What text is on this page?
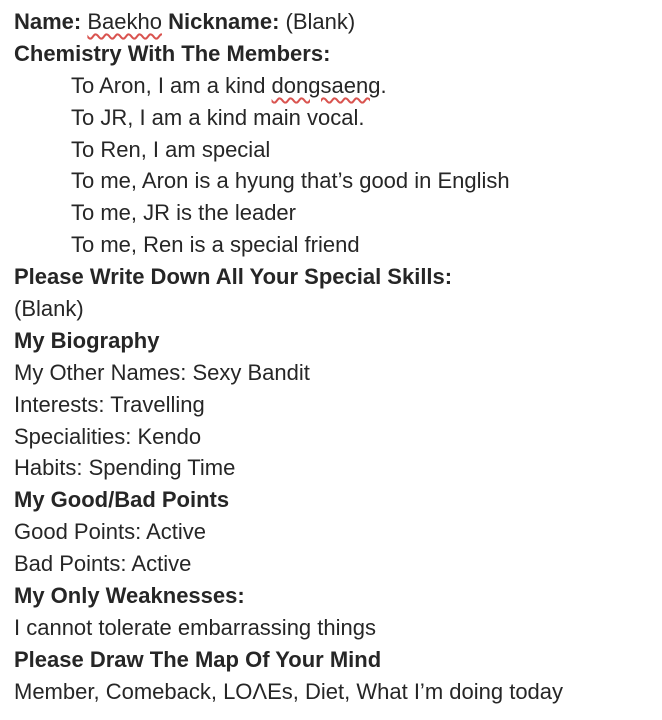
Name: Baekho Nickname: (Blank)
Chemistry With The Members:
To Aron, I am a kind dongsaeng.
To JR, I am a kind main vocal.
To Ren, I am special
To me, Aron is a hyung that’s good in English
To me, JR is the leader
To me, Ren is a special friend
Please Write Down All Your Special Skills:
(Blank)
My Biography
My Other Names: Sexy Bandit
Interests: Travelling
Specialities: Kendo
Habits: Spending Time
My Good/Bad Points
Good Points: Active
Bad Points: Active
My Only Weaknesses:
I cannot tolerate embarrassing things
Please Draw The Map Of Your Mind
Member, Comeback, LOΛEs, Diet, What I’m doing today
